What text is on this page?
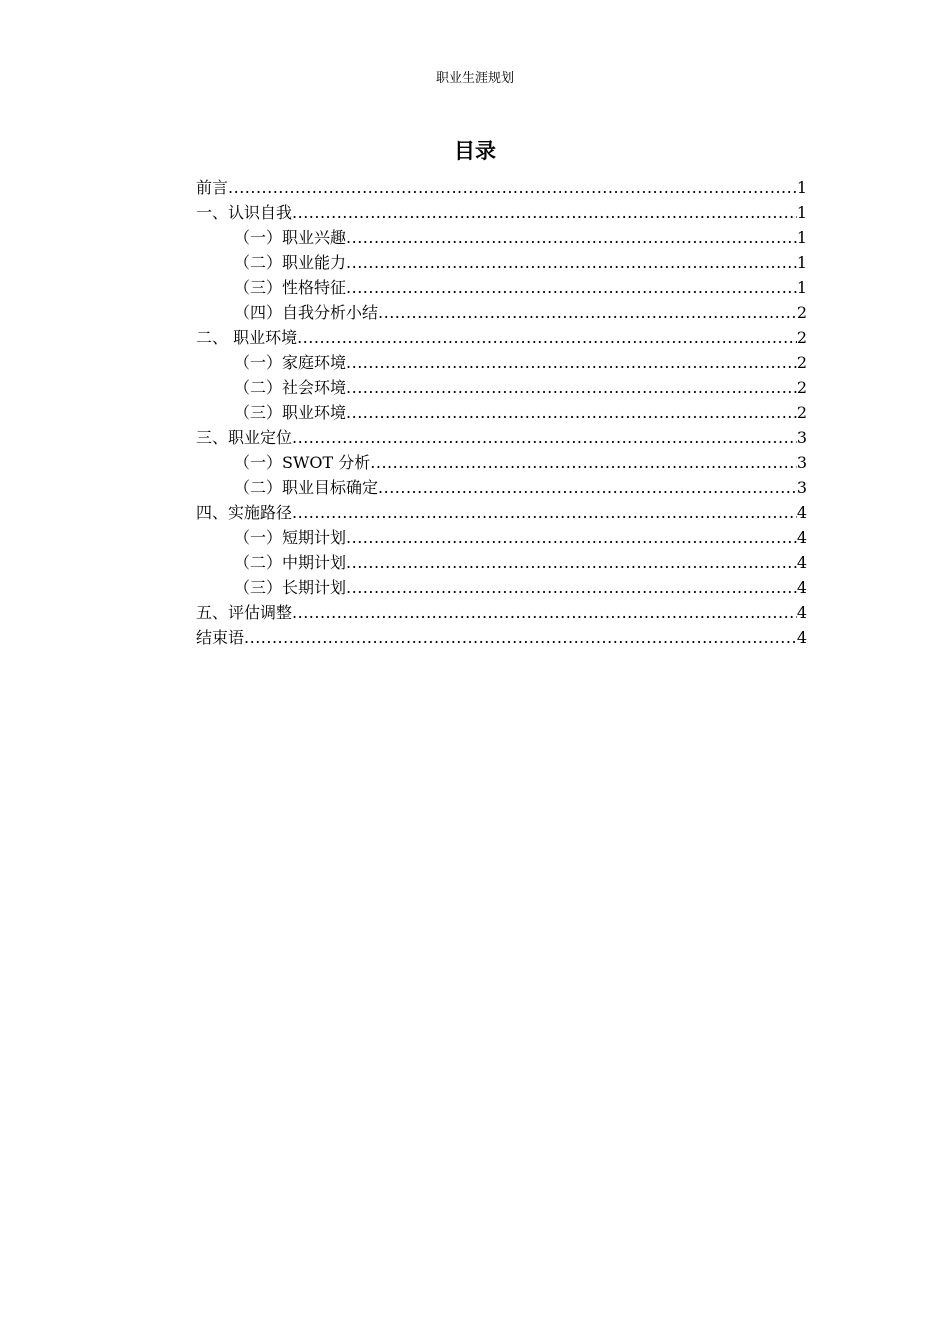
职业生涯规划
目录
前言 .....	1
一、认识自我 .....	1
（一）职业兴趣 .....	1
（二）职业能力 .....	1
（三）性格特征 .....	1
（四）自我分析小结 .....	2
二、 职业环境 .....	2
（一）家庭环境 .....	2
（二）社会环境 .....	2
（三）职业环境 .....	2
三、职业定位 .....	3
（一）SWOT 分析 .....	3
（二）职业目标确定 .....	3
四、实施路径 .....	4
（一）短期计划 .....	4
（二）中期计划 .....	4
（三）长期计划 .....	4
五、评估调整 .....	4
结束语 .....	4
